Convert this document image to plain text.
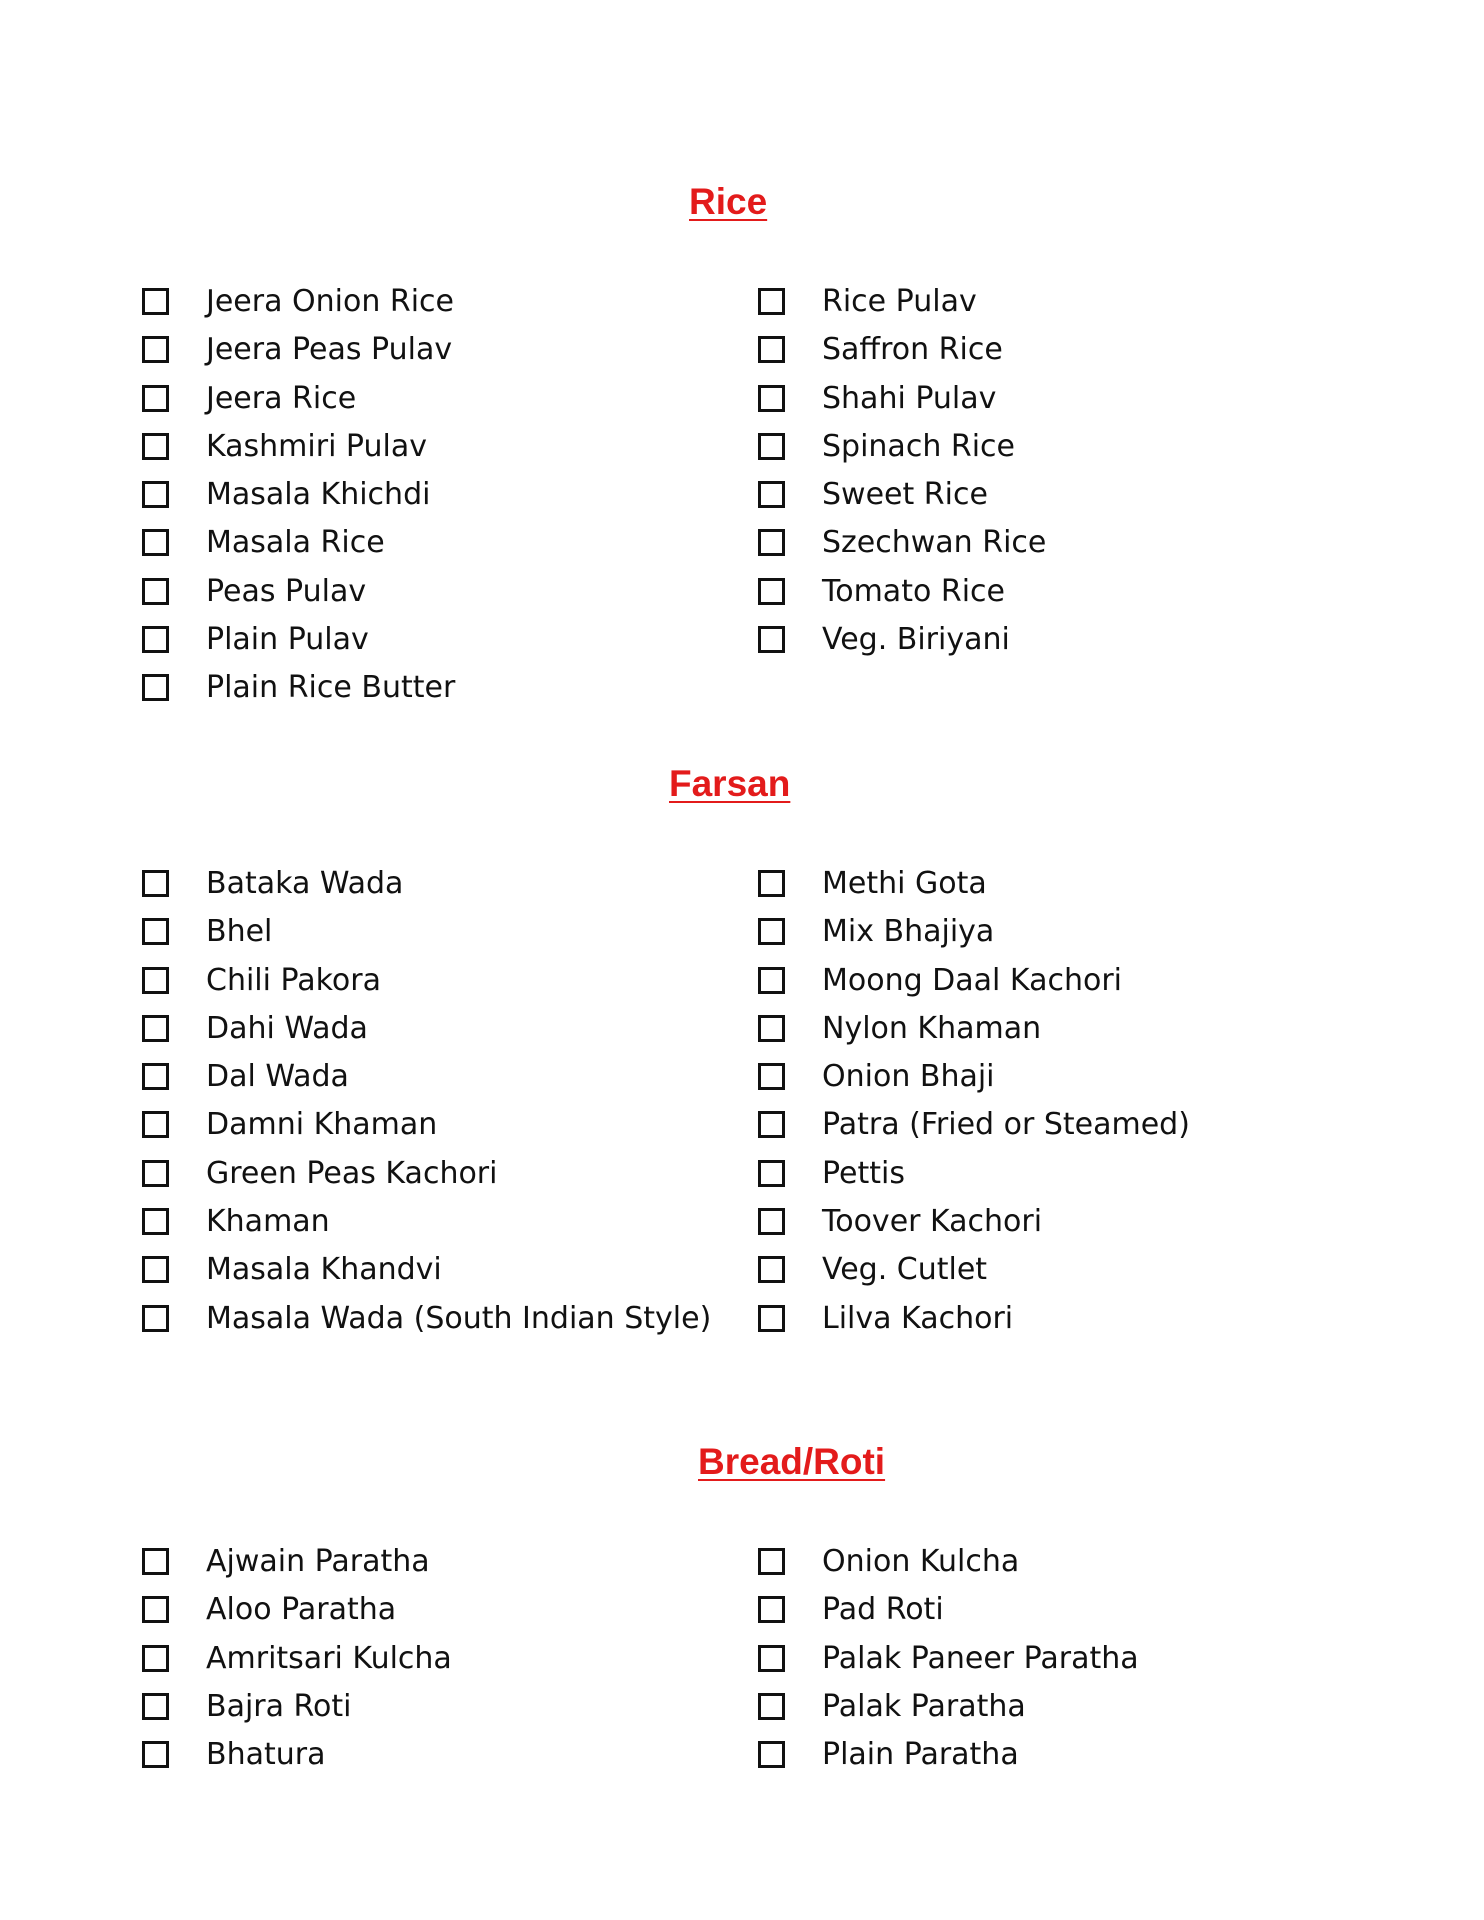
Rice
Jeera Onion Rice
Jeera Peas Pulav
Jeera Rice
Kashmiri Pulav
Masala Khichdi
Masala Rice
Peas Pulav
Plain Pulav
Plain Rice Butter
Rice Pulav
Saffron Rice
Shahi Pulav
Spinach Rice
Sweet Rice
Szechwan Rice
Tomato Rice
Veg. Biriyani
Farsan
Bataka Wada
Bhel
Chili Pakora
Dahi Wada
Dal Wada
Damni Khaman
Green Peas Kachori
Khaman
Masala Khandvi
Masala Wada (South Indian Style)
Methi Gota
Mix Bhajiya
Moong Daal Kachori
Nylon Khaman
Onion Bhaji
Patra (Fried or Steamed)
Pettis
Toover Kachori
Veg. Cutlet
Lilva Kachori
Bread/Roti
Ajwain Paratha
Aloo Paratha
Amritsari Kulcha
Bajra Roti
Bhatura
Onion Kulcha
Pad Roti
Palak Paneer Paratha
Palak Paratha
Plain Paratha
